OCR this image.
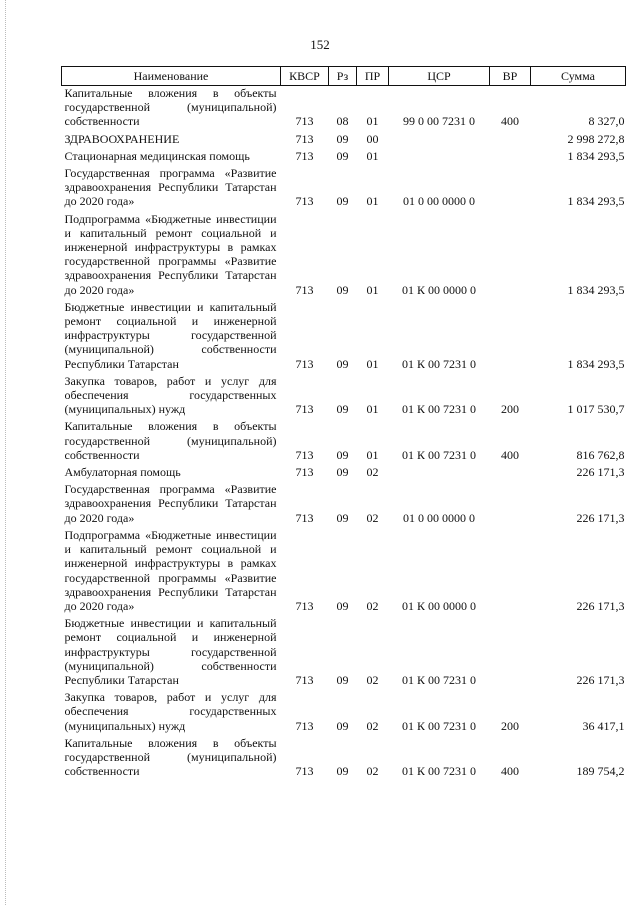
152
Наименование	КВСР	Рз	ПР	ЦСР	ВР	Сумма
Капитальные вложения в объекты государственной (муниципальной) собственности	713	08	01	99 0 00 7231 0	400	8 327,0
ЗДРАВООХРАНЕНИЕ	713	09	00			2 998 272,8
Стационарная медицинская помощь	713	09	01			1 834 293,5
Государственная программа «Развитие здравоохранения Республики Татарстан до 2020 года»	713	09	01	01 0 00 0000 0		1 834 293,5
Подпрограмма «Бюджетные инвестиции и капитальный ремонт социальной и инженерной инфраструктуры в рамках государственной программы «Развитие здравоохранения Республики Татарстан до 2020 года»	713	09	01	01 К 00 0000 0		1 834 293,5
Бюджетные инвестиции и капитальный ремонт социальной и инженерной инфраструктуры государственной (муниципальной) собственности Республики Татарстан	713	09	01	01 К 00 7231 0		1 834 293,5
Закупка товаров, работ и услуг для обеспечения государственных (муниципальных) нужд	713	09	01	01 К 00 7231 0	200	1 017 530,7
Капитальные вложения в объекты государственной (муниципальной) собственности	713	09	01	01 К 00 7231 0	400	816 762,8
Амбулаторная помощь	713	09	02			226 171,3
Государственная программа «Развитие здравоохранения Республики Татарстан до 2020 года»	713	09	02	01 0 00 0000 0		226 171,3
Подпрограмма «Бюджетные инвестиции и капитальный ремонт социальной и инженерной инфраструктуры в рамках государственной программы «Развитие здравоохранения Республики Татарстан до 2020 года»	713	09	02	01 К 00 0000 0		226 171,3
Бюджетные инвестиции и капитальный ремонт социальной и инженерной инфраструктуры государственной (муниципальной) собственности Республики Татарстан	713	09	02	01 К 00 7231 0		226 171,3
Закупка товаров, работ и услуг для обеспечения государственных (муниципальных) нужд	713	09	02	01 К 00 7231 0	200	36 417,1
Капитальные вложения в объекты государственной (муниципальной) собственности	713	09	02	01 К 00 7231 0	400	189 754,2
